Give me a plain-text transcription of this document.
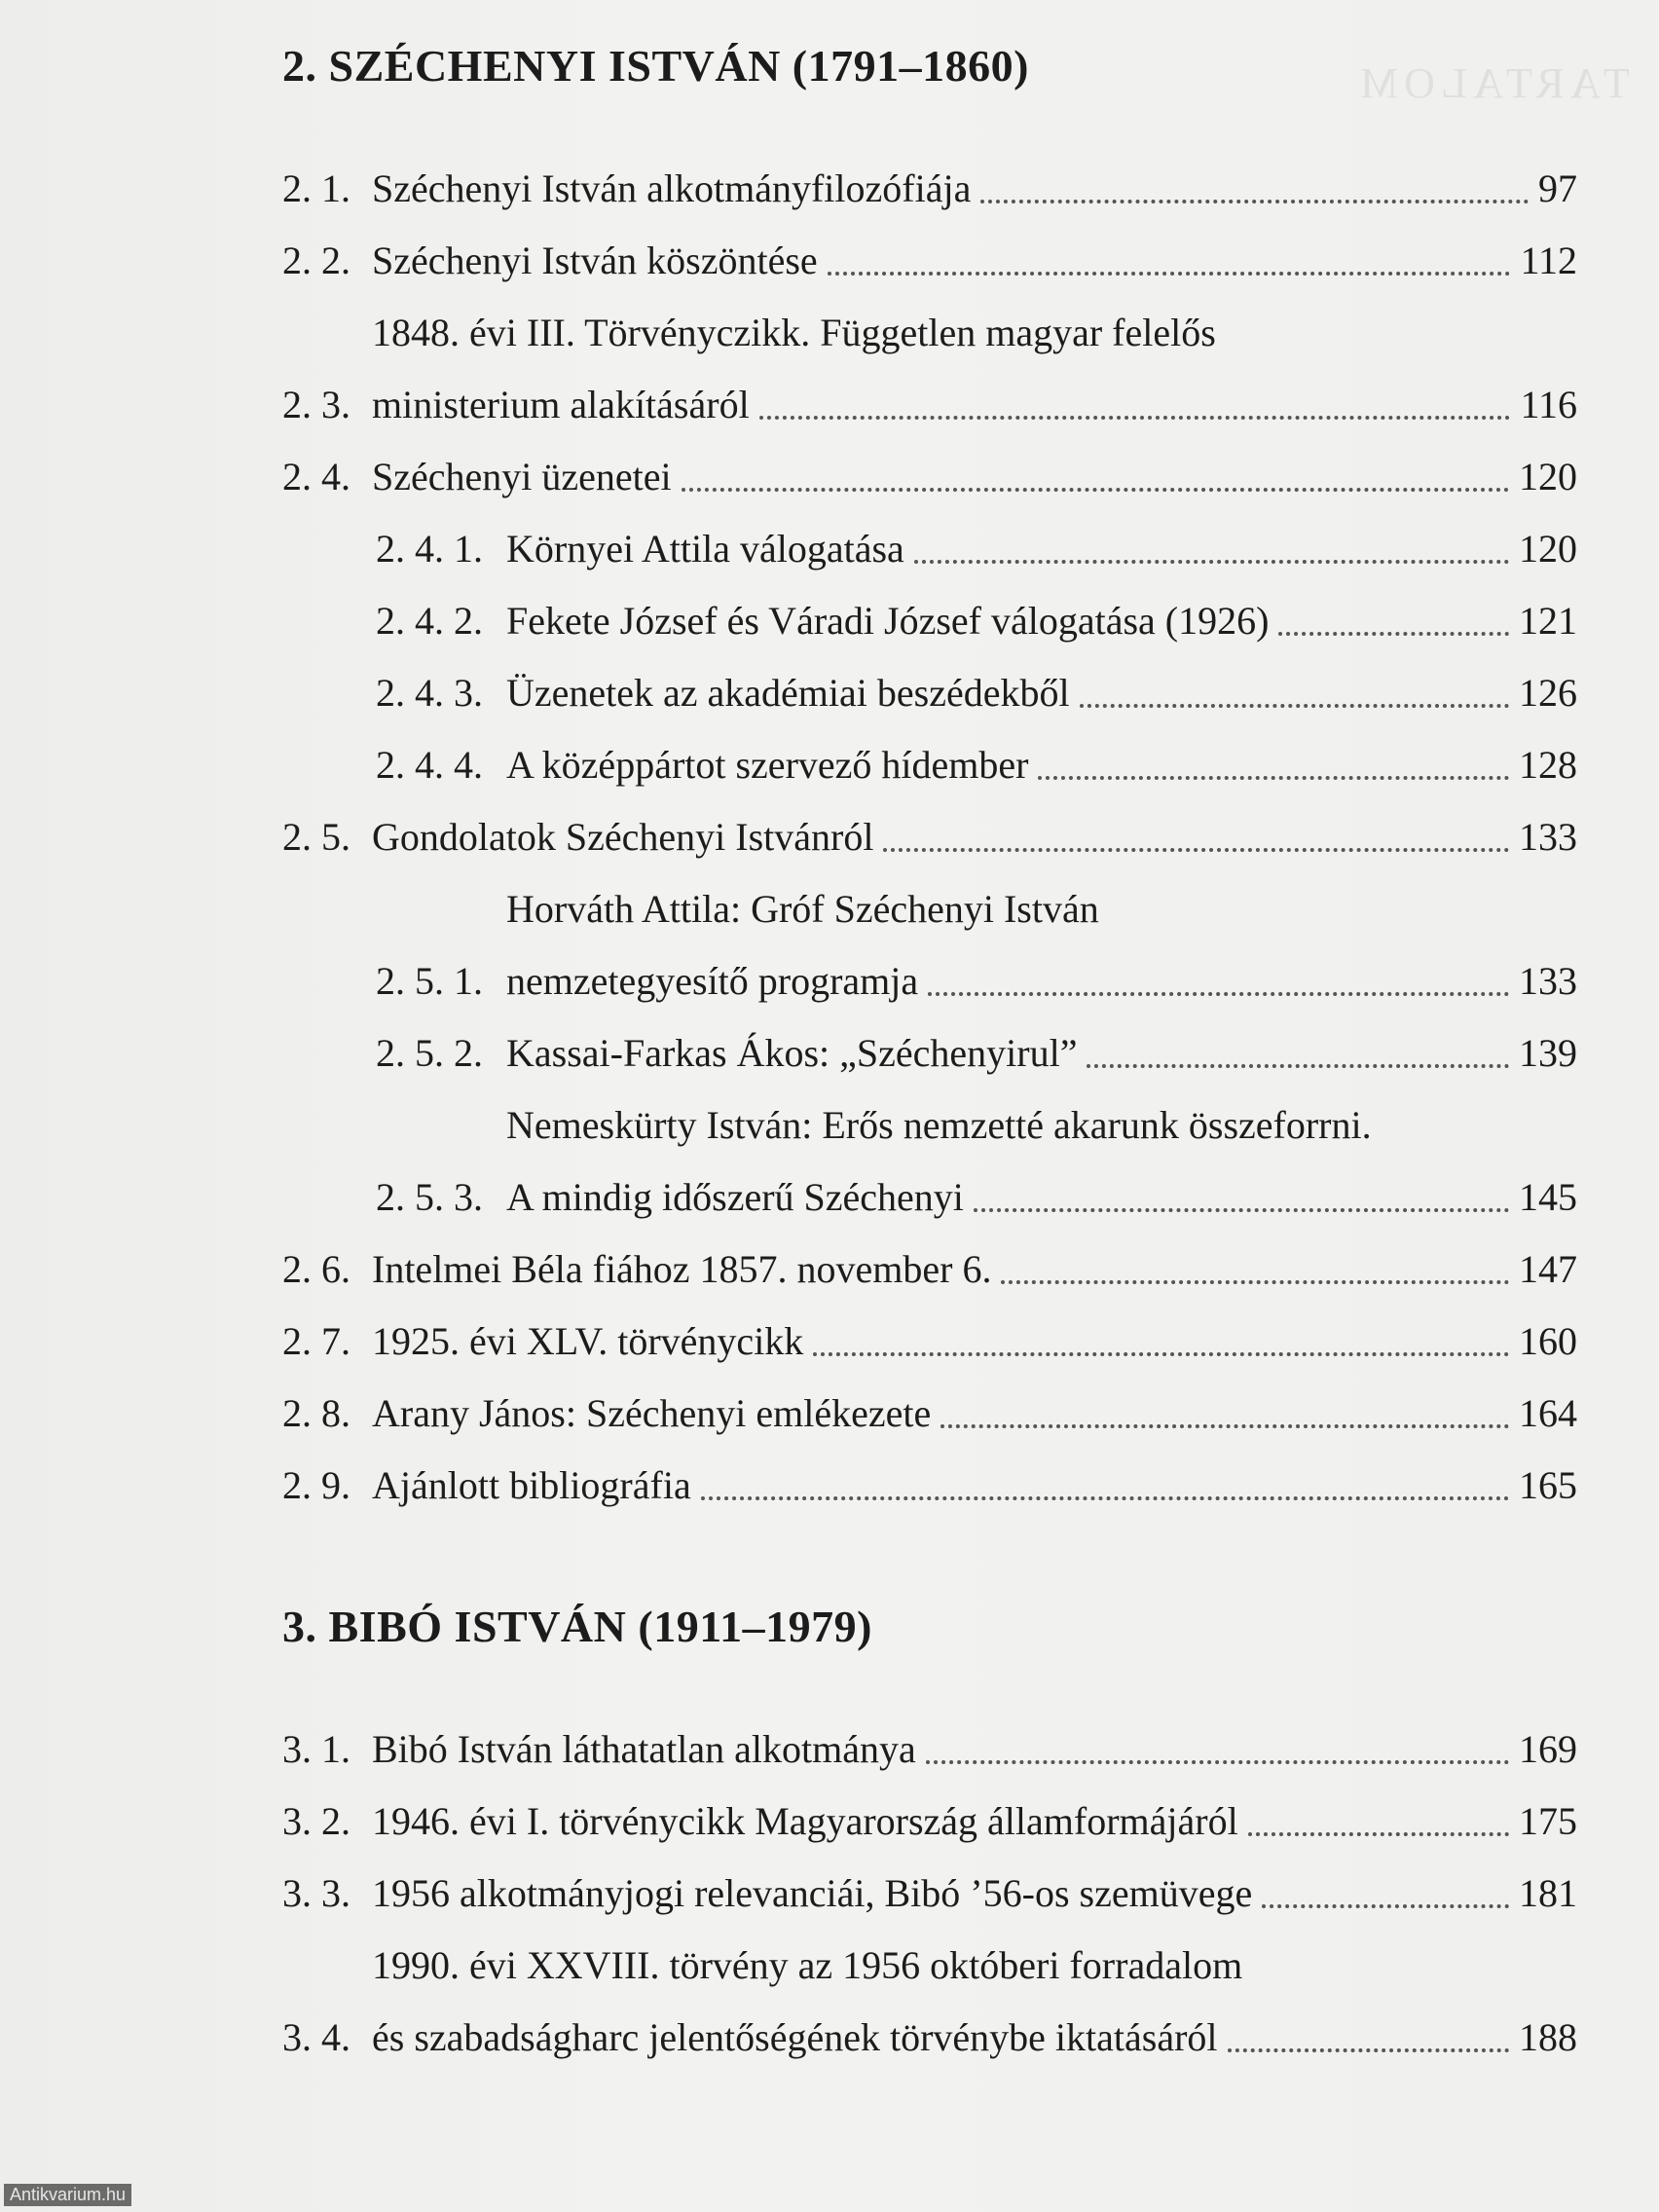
TARTALOM
2. SZÉCHENYI ISTVÁN (1791–1860)
2. 1. Széchenyi István alkotmányfilozófiája	97
2. 2. Széchenyi István köszöntése	112
2. 3.
1848. évi III. Törvényczikk. Független magyar felelős
ministerium alakításáról	116
2. 4. Széchenyi üzenetei	120
2. 4. 1. Környei Attila válogatása	120
2. 4. 2. Fekete József és Váradi József válogatása (1926)	121
2. 4. 3. Üzenetek az akadémiai beszédekből	126
2. 4. 4. A középpártot szervező hídember	128
2. 5. Gondolatok Széchenyi Istvánról	133
2. 5. 1.
Horváth Attila: Gróf Széchenyi István
nemzetegyesítő programja	133
2. 5. 2. Kassai-Farkas Ákos: „Széchenyirul”	139
2. 5. 3.
Nemeskürty István: Erős nemzetté akarunk összeforrni.
A mindig időszerű Széchenyi	145
2. 6. Intelmei Béla fiához 1857. november 6.	147
2. 7. 1925. évi XLV. törvénycikk	160
2. 8. Arany János: Széchenyi emlékezete	164
2. 9. Ajánlott bibliográfia	165
3. BIBÓ ISTVÁN (1911–1979)
3. 1. Bibó István láthatatlan alkotmánya	169
3. 2. 1946. évi I. törvénycikk Magyarország államformájáról	175
3. 3. 1956 alkotmányjogi relevanciái, Bibó ’56-os szemüvege	181
3. 4.
1990. évi XXVIII. törvény az 1956 októberi forradalom
és szabadságharc jelentőségének törvénybe iktatásáról	188
Antikvarium.hu
